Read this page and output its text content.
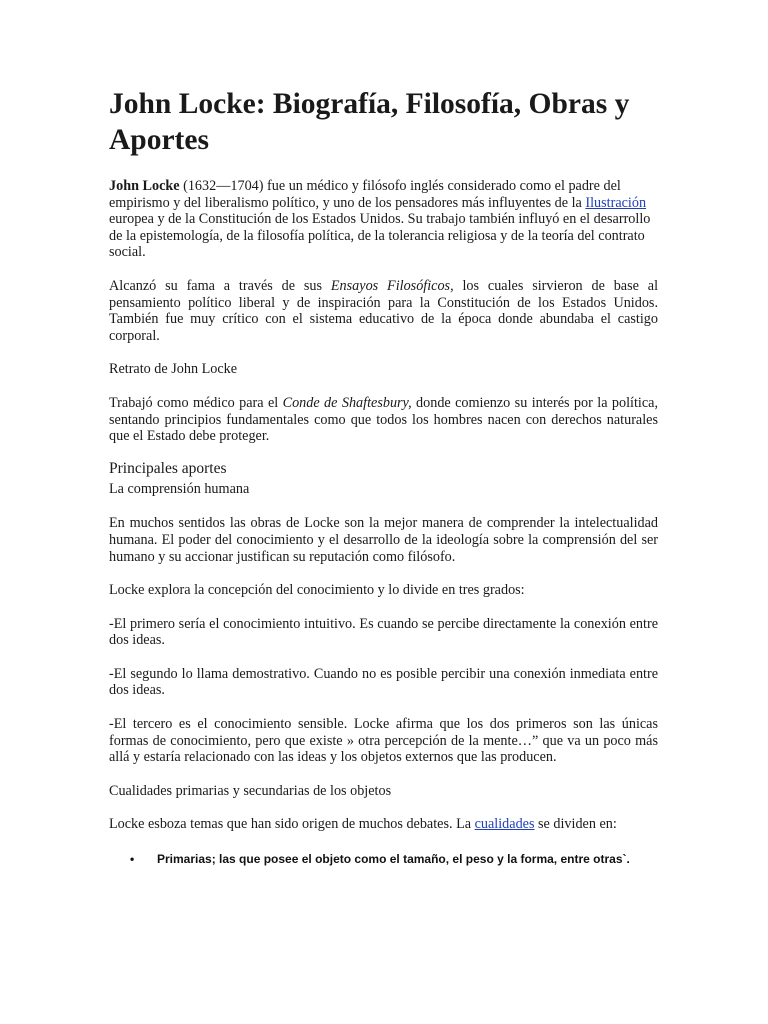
John Locke: Biografía, Filosofía, Obras y Aportes

John Locke (1632—1704) fue un médico y filósofo inglés considerado como el padre del empirismo y del liberalismo político, y uno de los pensadores más influyentes de la Ilustración europea y de la Constitución de los Estados Unidos. Su trabajo también influyó en el desarrollo de la epistemología, de la filosofía política, de la tolerancia religiosa y de la teoría del contrato social.

Alcanzó su fama a través de sus Ensayos Filosóficos, los cuales sirvieron de base al pensamiento político liberal y de inspiración para la Constitución de los Estados Unidos. También fue muy crítico con el sistema educativo de la época donde abundaba el castigo corporal.

Retrato de John Locke

Trabajó como médico para el Conde de Shaftesbury, donde comienzo su interés por la política, sentando principios fundamentales como que todos los hombres nacen con derechos naturales que el Estado debe proteger.

Principales aportes

La comprensión humana

En muchos sentidos las obras de Locke son la mejor manera de comprender la intelectualidad humana. El poder del conocimiento y el desarrollo de la ideología sobre la comprensión del ser humano y su accionar justifican su reputación como filósofo.

Locke explora la concepción del conocimiento y lo divide en tres grados:

-El primero sería el conocimiento intuitivo. Es cuando se percibe directamente la conexión entre dos ideas.

-El segundo lo llama demostrativo. Cuando no es posible percibir una conexión inmediata entre dos ideas.

-El tercero es el conocimiento sensible. Locke afirma que los dos primeros son las únicas formas de conocimiento, pero que existe » otra percepción de la mente…” que va un poco más allá y estaría relacionado con las ideas y los objetos externos que las producen.

Cualidades primarias y secundarias de los objetos

Locke esboza temas que han sido origen de muchos debates. La cualidades se dividen en:

• Primarias; las que posee el objeto como el tamaño, el peso y la forma, entre otras`.
